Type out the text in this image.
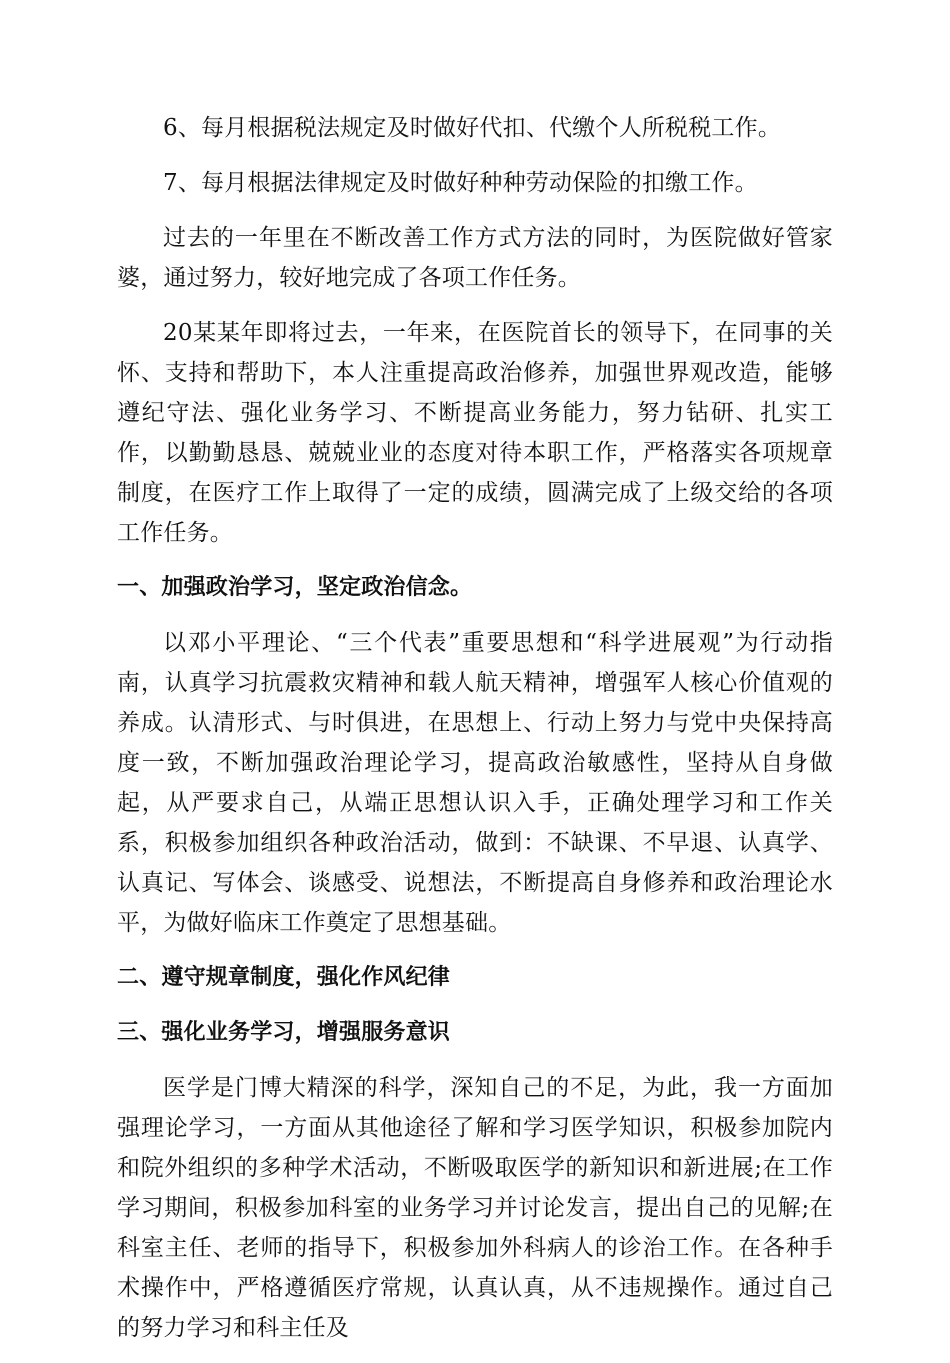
6、每月根据税法规定及时做好代扣、代缴个人所税税工作。

7、每月根据法律规定及时做好种种劳动保险的扣缴工作。

过去的一年里在不断改善工作方式方法的同时，为医院做好管家婆，通过努力，较好地完成了各项工作任务。

20某某年即将过去，一年来，在医院首长的领导下，在同事的关怀、支持和帮助下，本人注重提高政治修养，加强世界观改造，能够遵纪守法、强化业务学习、不断提高业务能力，努力钻研、扎实工作，以勤勤恳恳、兢兢业业的态度对待本职工作，严格落实各项规章制度，在医疗工作上取得了一定的成绩，圆满完成了上级交给的各项工作任务。

一、加强政治学习，坚定政治信念。

以邓小平理论、“三个代表”重要思想和“科学进展观”为行动指南，认真学习抗震救灾精神和载人航天精神，增强军人核心价值观的养成。认清形式、与时俱进，在思想上、行动上努力与党中央保持高度一致，不断加强政治理论学习，提高政治敏感性，坚持从自身做起，从严要求自己，从端正思想认识入手，正确处理学习和工作关系，积极参加组织各种政治活动，做到：不缺课、不早退、认真学、认真记、写体会、谈感受、说想法，不断提高自身修养和政治理论水平，为做好临床工作奠定了思想基础。

二、遵守规章制度，强化作风纪律
三、强化业务学习，增强服务意识

医学是门博大精深的科学，深知自己的不足，为此，我一方面加强理论学习，一方面从其他途径了解和学习医学知识，积极参加院内和院外组织的多种学术活动，不断吸取医学的新知识和新进展;在工作学习期间，积极参加科室的业务学习并讨论发言，提出自己的见解;在科室主任、老师的指导下，积极参加外科病人的诊治工作。在各种手术操作中，严格遵循医疗常规，认真认真，从不违规操作。通过自己的努力学习和科主任及
